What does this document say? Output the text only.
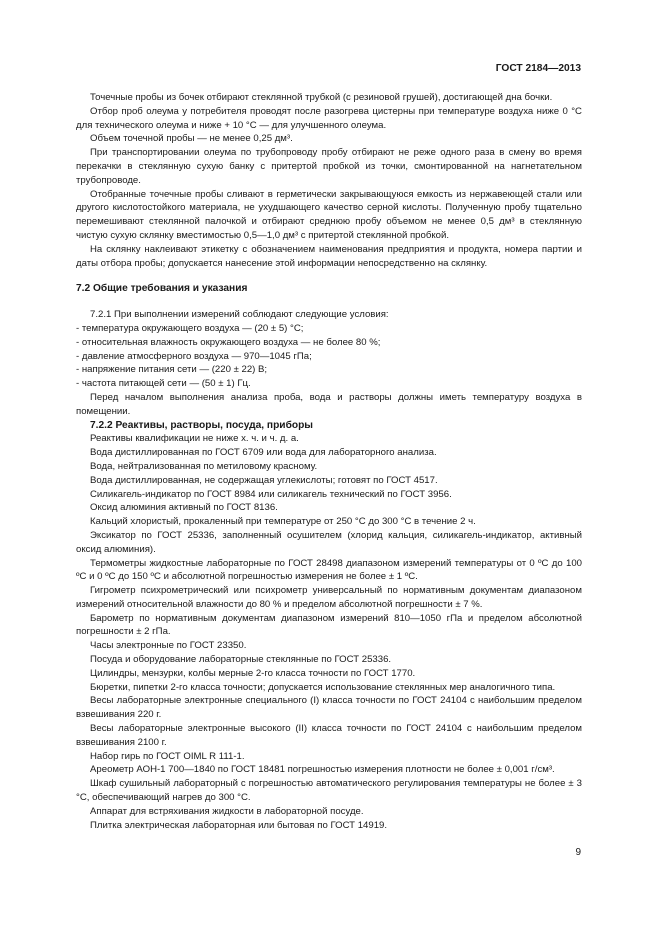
ГОСТ 2184—2013

Точечные пробы из бочек отбирают стеклянной трубкой (с резиновой грушей), достигающей дна бочки.

Отбор проб олеума у потребителя проводят после разогрева цистерны при температуре воздуха ниже 0 °С для технического олеума и ниже + 10 °С — для улучшенного олеума.

Объем точечной пробы — не менее 0,25 дм³.

При транспортировании олеума по трубопроводу пробу отбирают не реже одного раза в смену во время перекачки в стеклянную сухую банку с притертой пробкой из точки, смонтированной на нагнетательном трубопроводе.

Отобранные точечные пробы сливают в герметически закрывающуюся емкость из нержавеющей стали или другого кислотостойкого материала, не ухудшающего качество серной кислоты. Полученную пробу тщательно перемешивают стеклянной палочкой и отбирают среднюю пробу объемом не менее 0,5 дм³ в стеклянную чистую сухую склянку вместимостью 0,5—1,0 дм³ с притертой стеклянной пробкой.

На склянку наклеивают этикетку с обозначением наименования предприятия и продукта, номера партии и даты отбора пробы; допускается нанесение этой информации непосредственно на склянку.

7.2 Общие требования и указания

7.2.1 При выполнении измерений соблюдают следующие условия:

- температура окружающего воздуха — (20 ± 5) °С;

- относительная влажность окружающего воздуха — не более 80 %;

- давление атмосферного воздуха — 970—1045 гПа;

- напряжение питания сети — (220 ± 22) В;

- частота питающей сети — (50 ± 1) Гц.

Перед началом выполнения анализа проба, вода и растворы должны иметь температуру воздуха в помещении.

7.2.2 Реактивы, растворы, посуда, приборы

Реактивы квалификации не ниже х. ч. и ч. д. а.

Вода дистиллированная по ГОСТ 6709 или вода для лабораторного анализа.

Вода, нейтрализованная по метиловому красному.

Вода дистиллированная, не содержащая углекислоты; готовят по ГОСТ 4517.

Силикагель-индикатор по ГОСТ 8984 или силикагель технический по ГОСТ 3956.

Оксид алюминия активный по ГОСТ 8136.

Кальций хлористый, прокаленный при температуре от 250 °С до 300 °С в течение 2 ч.

Эксикатор по ГОСТ 25336, заполненный осушителем (хлорид кальция, силикагель-индикатор, активный оксид алюминия).

Термометры жидкостные лабораторные по ГОСТ 28498 диапазоном измерений температуры от 0 ºС до 100 ºС и 0 ºС до 150 ºС и абсолютной погрешностью измерения не более ± 1 ºС.

Гигрометр психрометрический или психрометр универсальный по нормативным документам диапазоном измерений относительной влажности до 80 % и пределом абсолютной погрешности ± 7 %.

Барометр по нормативным документам диапазоном измерений 810—1050 гПа и пределом абсолютной погрешности ± 2 гПа.

Часы электронные по ГОСТ 23350.

Посуда и оборудование лабораторные стеклянные по ГОСТ 25336.

Цилиндры, мензурки, колбы мерные 2-го класса точности по ГОСТ 1770.

Бюретки, пипетки 2-го класса точности; допускается использование стеклянных мер аналогичного типа.

Весы лабораторные электронные специального (I) класса точности по ГОСТ 24104 с наибольшим пределом взвешивания 220 г.

Весы лабораторные электронные высокого (II) класса точности по ГОСТ 24104 с наибольшим пределом взвешивания 2100 г.

Набор гирь по ГОСТ OIML R 111-1.

Ареометр АОН-1 700—1840 по ГОСТ 18481 погрешностью измерения плотности не более ± 0,001 г/см³.

Шкаф сушильный лабораторный с погрешностью автоматического регулирования температуры не более ± 3 °С, обеспечивающий нагрев до 300 °С.

Аппарат для встряхивания жидкости в лабораторной посуде.

Плитка электрическая лабораторная или бытовая по ГОСТ 14919.

9
